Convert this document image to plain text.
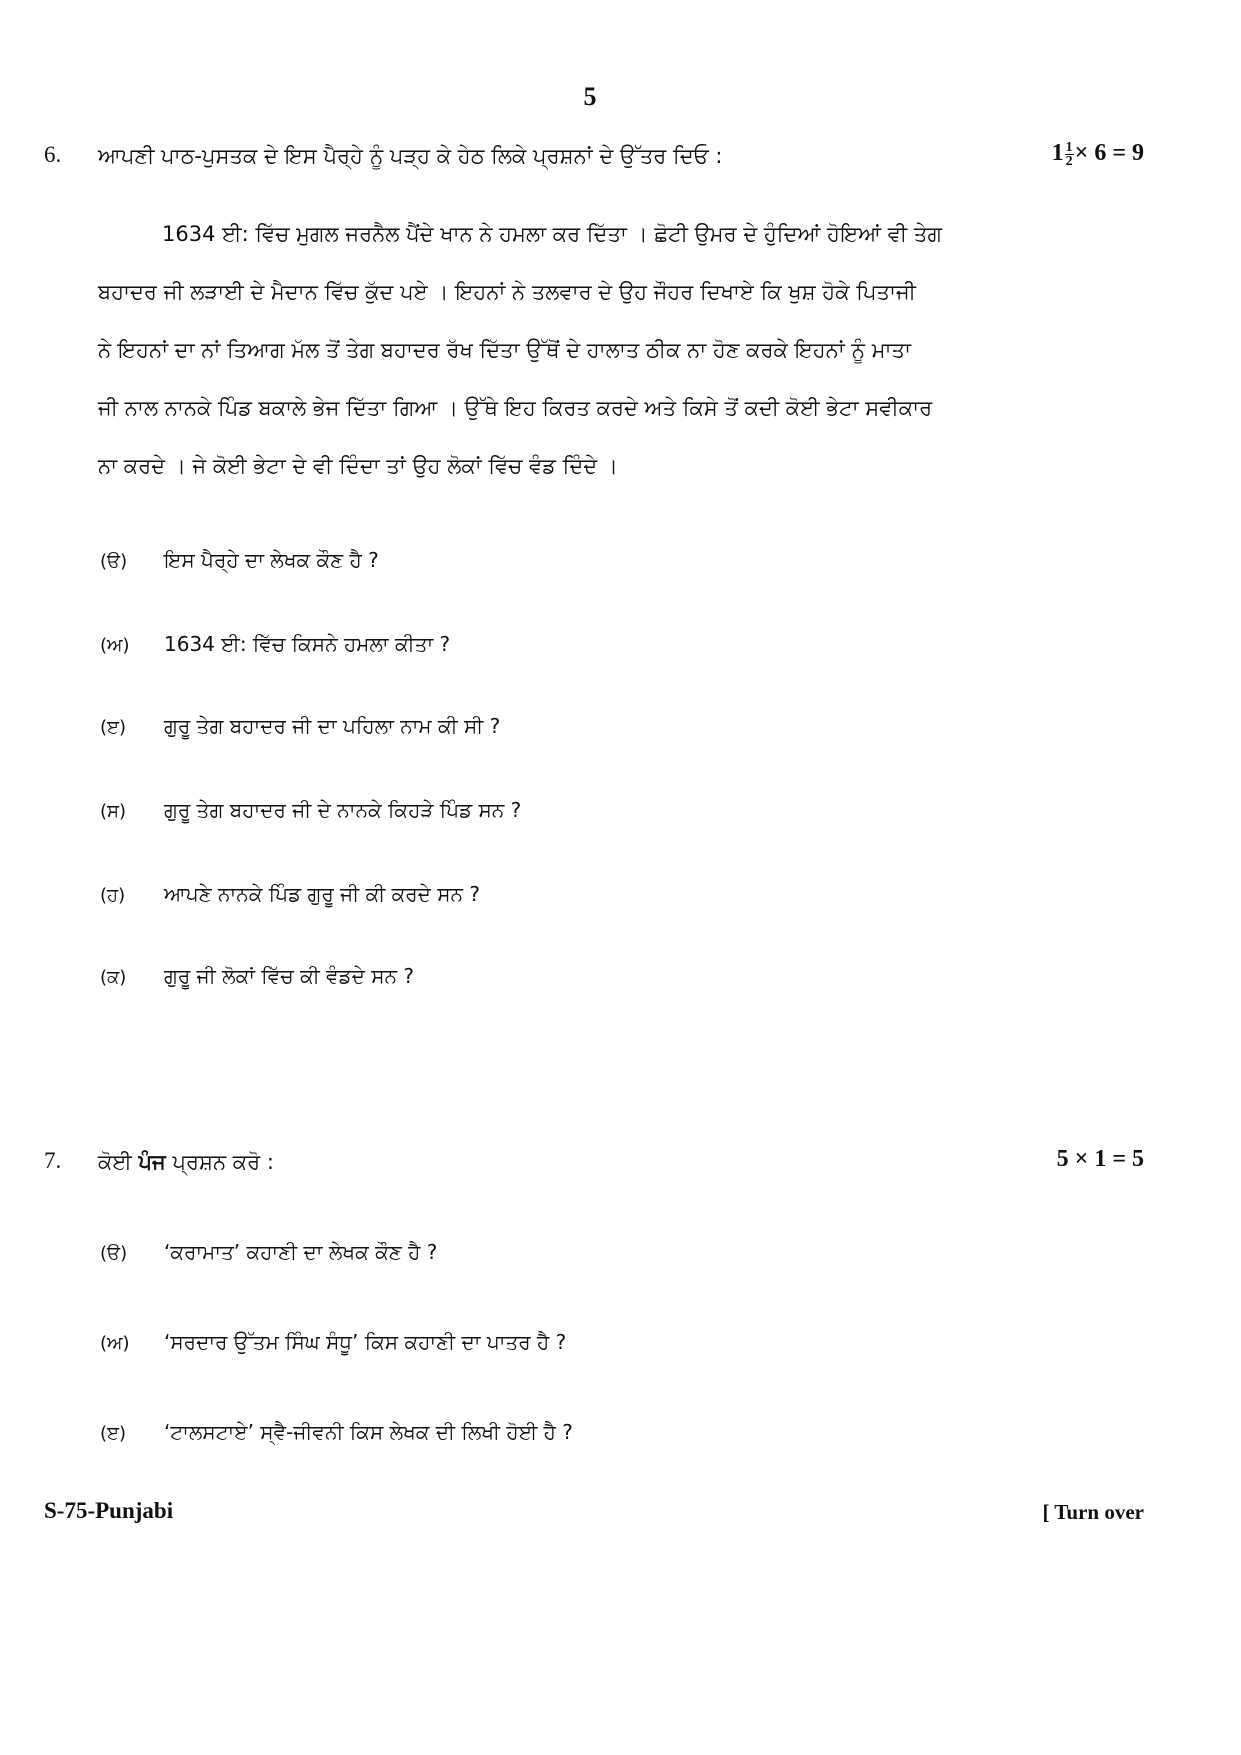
5
6. ਆਪਣੀ ਪਾਠ-ਪੁਸਤਕ ਦੇ ਇਸ ਪੈਰ੍ਹੇ ਨੂੰ ਪੜ੍ਹ ਕੇ ਹੇਠ ਲਿਕੇ ਪ੍ਰਸ਼ਨਾਂ ਦੇ ਉੱਤਰ ਦਿਓ :	$1 \frac{1}{2} \times 6 = 9$
1634 ਈ: ਵਿੱਚ ਮੁਗਲ ਜਰਨੈਲ ਪੈਂਦੇ ਖਾਨ ਨੇ ਹਮਲਾ ਕਰ ਦਿੱਤਾ । ਛੋਟੀ ਉਮਰ ਦੇ ਹੁੰਦਿਆਂ ਹੋਇਆਂ ਵੀ ਤੇਗ
ਬਹਾਦਰ ਜੀ ਲੜਾਈ ਦੇ ਮੈਦਾਨ ਵਿੱਚ ਕੁੱਦ ਪਏ । ਇਹਨਾਂ ਨੇ ਤਲਵਾਰ ਦੇ ਉਹ ਜੌਹਰ ਦਿਖਾਏ ਕਿ ਖੁਸ਼ ਹੋਕੇ ਪਿਤਾਜੀ
ਨੇ ਇਹਨਾਂ ਦਾ ਨਾਂ ਤਿਆਗ ਮੱਲ ਤੋਂ ਤੇਗ ਬਹਾਦਰ ਰੱਖ ਦਿੱਤਾ ਉੱਥੋਂ ਦੇ ਹਾਲਾਤ ਠੀਕ ਨਾ ਹੋਣ ਕਰਕੇ ਇਹਨਾਂ ਨੂੰ ਮਾਤਾ
ਜੀ ਨਾਲ ਨਾਨਕੇ ਪਿੰਡ ਬਕਾਲੇ ਭੇਜ ਦਿੱਤਾ ਗਿਆ । ਉੱਥੇ ਇਹ ਕਿਰਤ ਕਰਦੇ ਅਤੇ ਕਿਸੇ ਤੋਂ ਕਦੀ ਕੋਈ ਭੇਟਾ ਸਵੀਕਾਰ
ਨਾ ਕਰਦੇ । ਜੇ ਕੋਈ ਭੇਟਾ ਦੇ ਵੀ ਦਿੰਦਾ ਤਾਂ ਉਹ ਲੋਕਾਂ ਵਿੱਚ ਵੰਡ ਦਿੰਦੇ ।
(ੳ) ਇਸ ਪੈਰ੍ਹੇ ਦਾ ਲੇਖਕ ਕੌਣ ਹੈ ?
(ਅ) 1634 ਈ: ਵਿੱਚ ਕਿਸਨੇ ਹਮਲਾ ਕੀਤਾ ?
(ੲ) ਗੁਰੂ ਤੇਗ ਬਹਾਦਰ ਜੀ ਦਾ ਪਹਿਲਾ ਨਾਮ ਕੀ ਸੀ ?
(ਸ) ਗੁਰੂ ਤੇਗ ਬਹਾਦਰ ਜੀ ਦੇ ਨਾਨਕੇ ਕਿਹੜੇ ਪਿੰਡ ਸਨ ?
(ਹ) ਆਪਣੇ ਨਾਨਕੇ ਪਿੰਡ ਗੁਰੂ ਜੀ ਕੀ ਕਰਦੇ ਸਨ ?
(ਕ) ਗੁਰੂ ਜੀ ਲੋਕਾਂ ਵਿੱਚ ਕੀ ਵੰਡਦੇ ਸਨ ?
7. ਕੋਈ ਪੰਜ ਪ੍ਰਸ਼ਨ ਕਰੋ :	5 × 1 = 5
(ੳ) ‘ਕਰਾਮਾਤ’ ਕਹਾਣੀ ਦਾ ਲੇਖਕ ਕੌਣ ਹੈ ?
(ਅ) ‘ਸਰਦਾਰ ਉੱਤਮ ਸਿੰਘ ਸੰਧੂ’ ਕਿਸ ਕਹਾਣੀ ਦਾ ਪਾਤਰ ਹੈ ?
(ੲ) ‘ਟਾਲਸਟਾਏ’ ਸ੍ਵੈ-ਜੀਵਨੀ ਕਿਸ ਲੇਖਕ ਦੀ ਲਿਖੀ ਹੋਈ ਹੈ ?
S-75-Punjabi	[ Turn over
